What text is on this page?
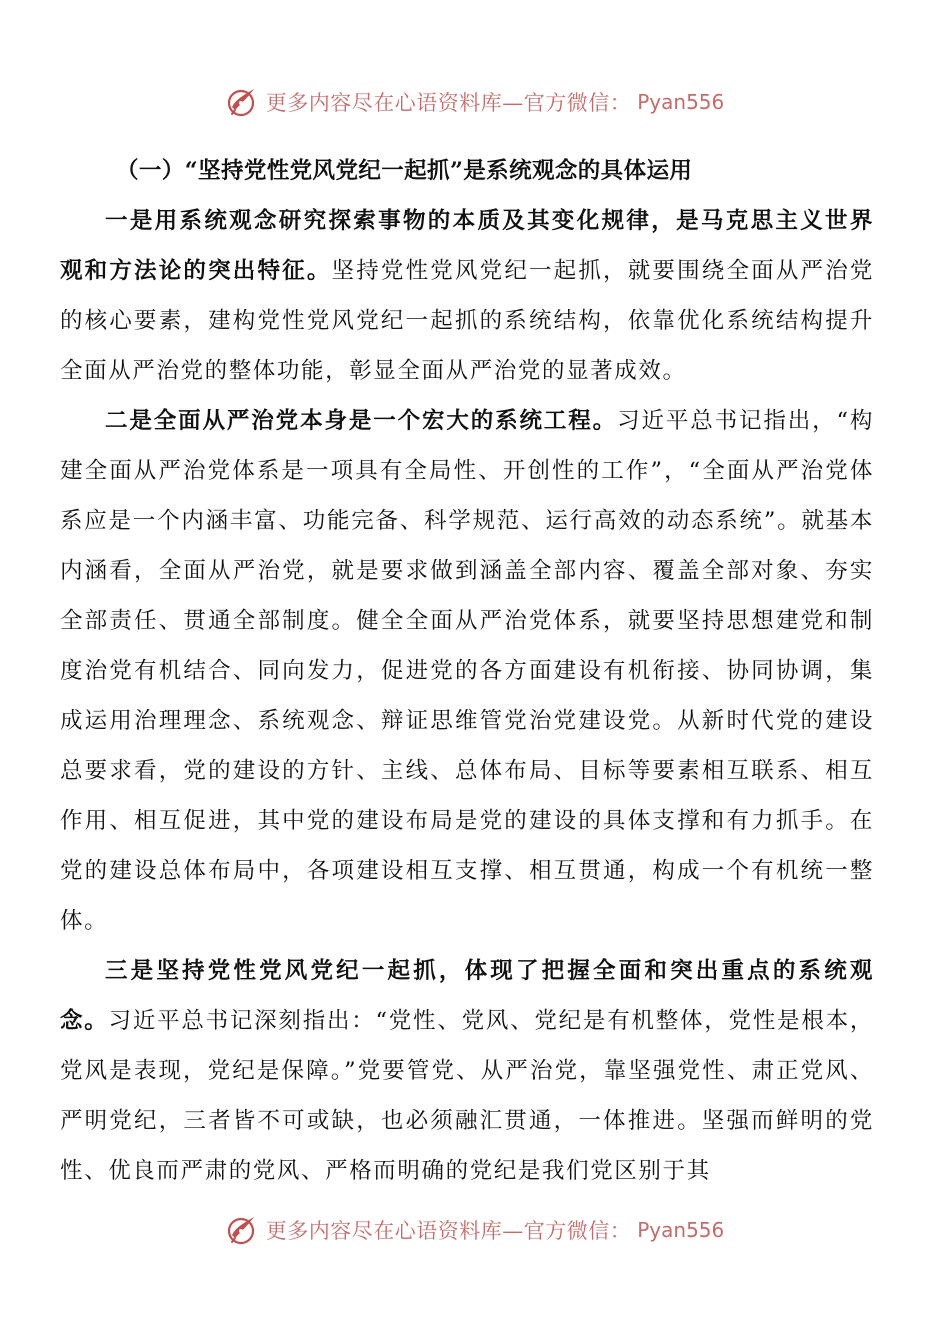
更多内容尽在心语资料库—官方微信： Pyan556
（一）“坚持党性党风党纪一起抓”是系统观念的具体运用

一是用系统观念研究探索事物的本质及其变化规律，是马克思主义世界观和方法论的突出特征。坚持党性党风党纪一起抓，就要围绕全面从严治党的核心要素，建构党性党风党纪一起抓的系统结构，依靠优化系统结构提升全面从严治党的整体功能，彰显全面从严治党的显著成效。

二是全面从严治党本身是一个宏大的系统工程。习近平总书记指出，“构建全面从严治党体系是一项具有全局性、开创性的工作”，“全面从严治党体系应是一个内涵丰富、功能完备、科学规范、运行高效的动态系统”。就基本内涵看，全面从严治党，就是要求做到涵盖全部内容、覆盖全部对象、夯实全部责任、贯通全部制度。健全全面从严治党体系，就要坚持思想建党和制度治党有机结合、同向发力，促进党的各方面建设有机衔接、协同协调，集成运用治理理念、系统观念、辩证思维管党治党建设党。从新时代党的建设总要求看，党的建设的方针、主线、总体布局、目标等要素相互联系、相互作用、相互促进，其中党的建设布局是党的建设的具体支撑和有力抓手。在党的建设总体布局中，各项建设相互支撑、相互贯通，构成一个有机统一整体。

三是坚持党性党风党纪一起抓，体现了把握全面和突出重点的系统观念。习近平总书记深刻指出：“党性、党风、党纪是有机整体，党性是根本，党风是表现，党纪是保障。”党要管党、从严治党，靠坚强党性、肃正党风、严明党纪，三者皆不可或缺，也必须融汇贯通，一体推进。坚强而鲜明的党性、优良而严肃的党风、严格而明确的党纪是我们党区别于其

更多内容尽在心语资料库—官方微信： Pyan556
